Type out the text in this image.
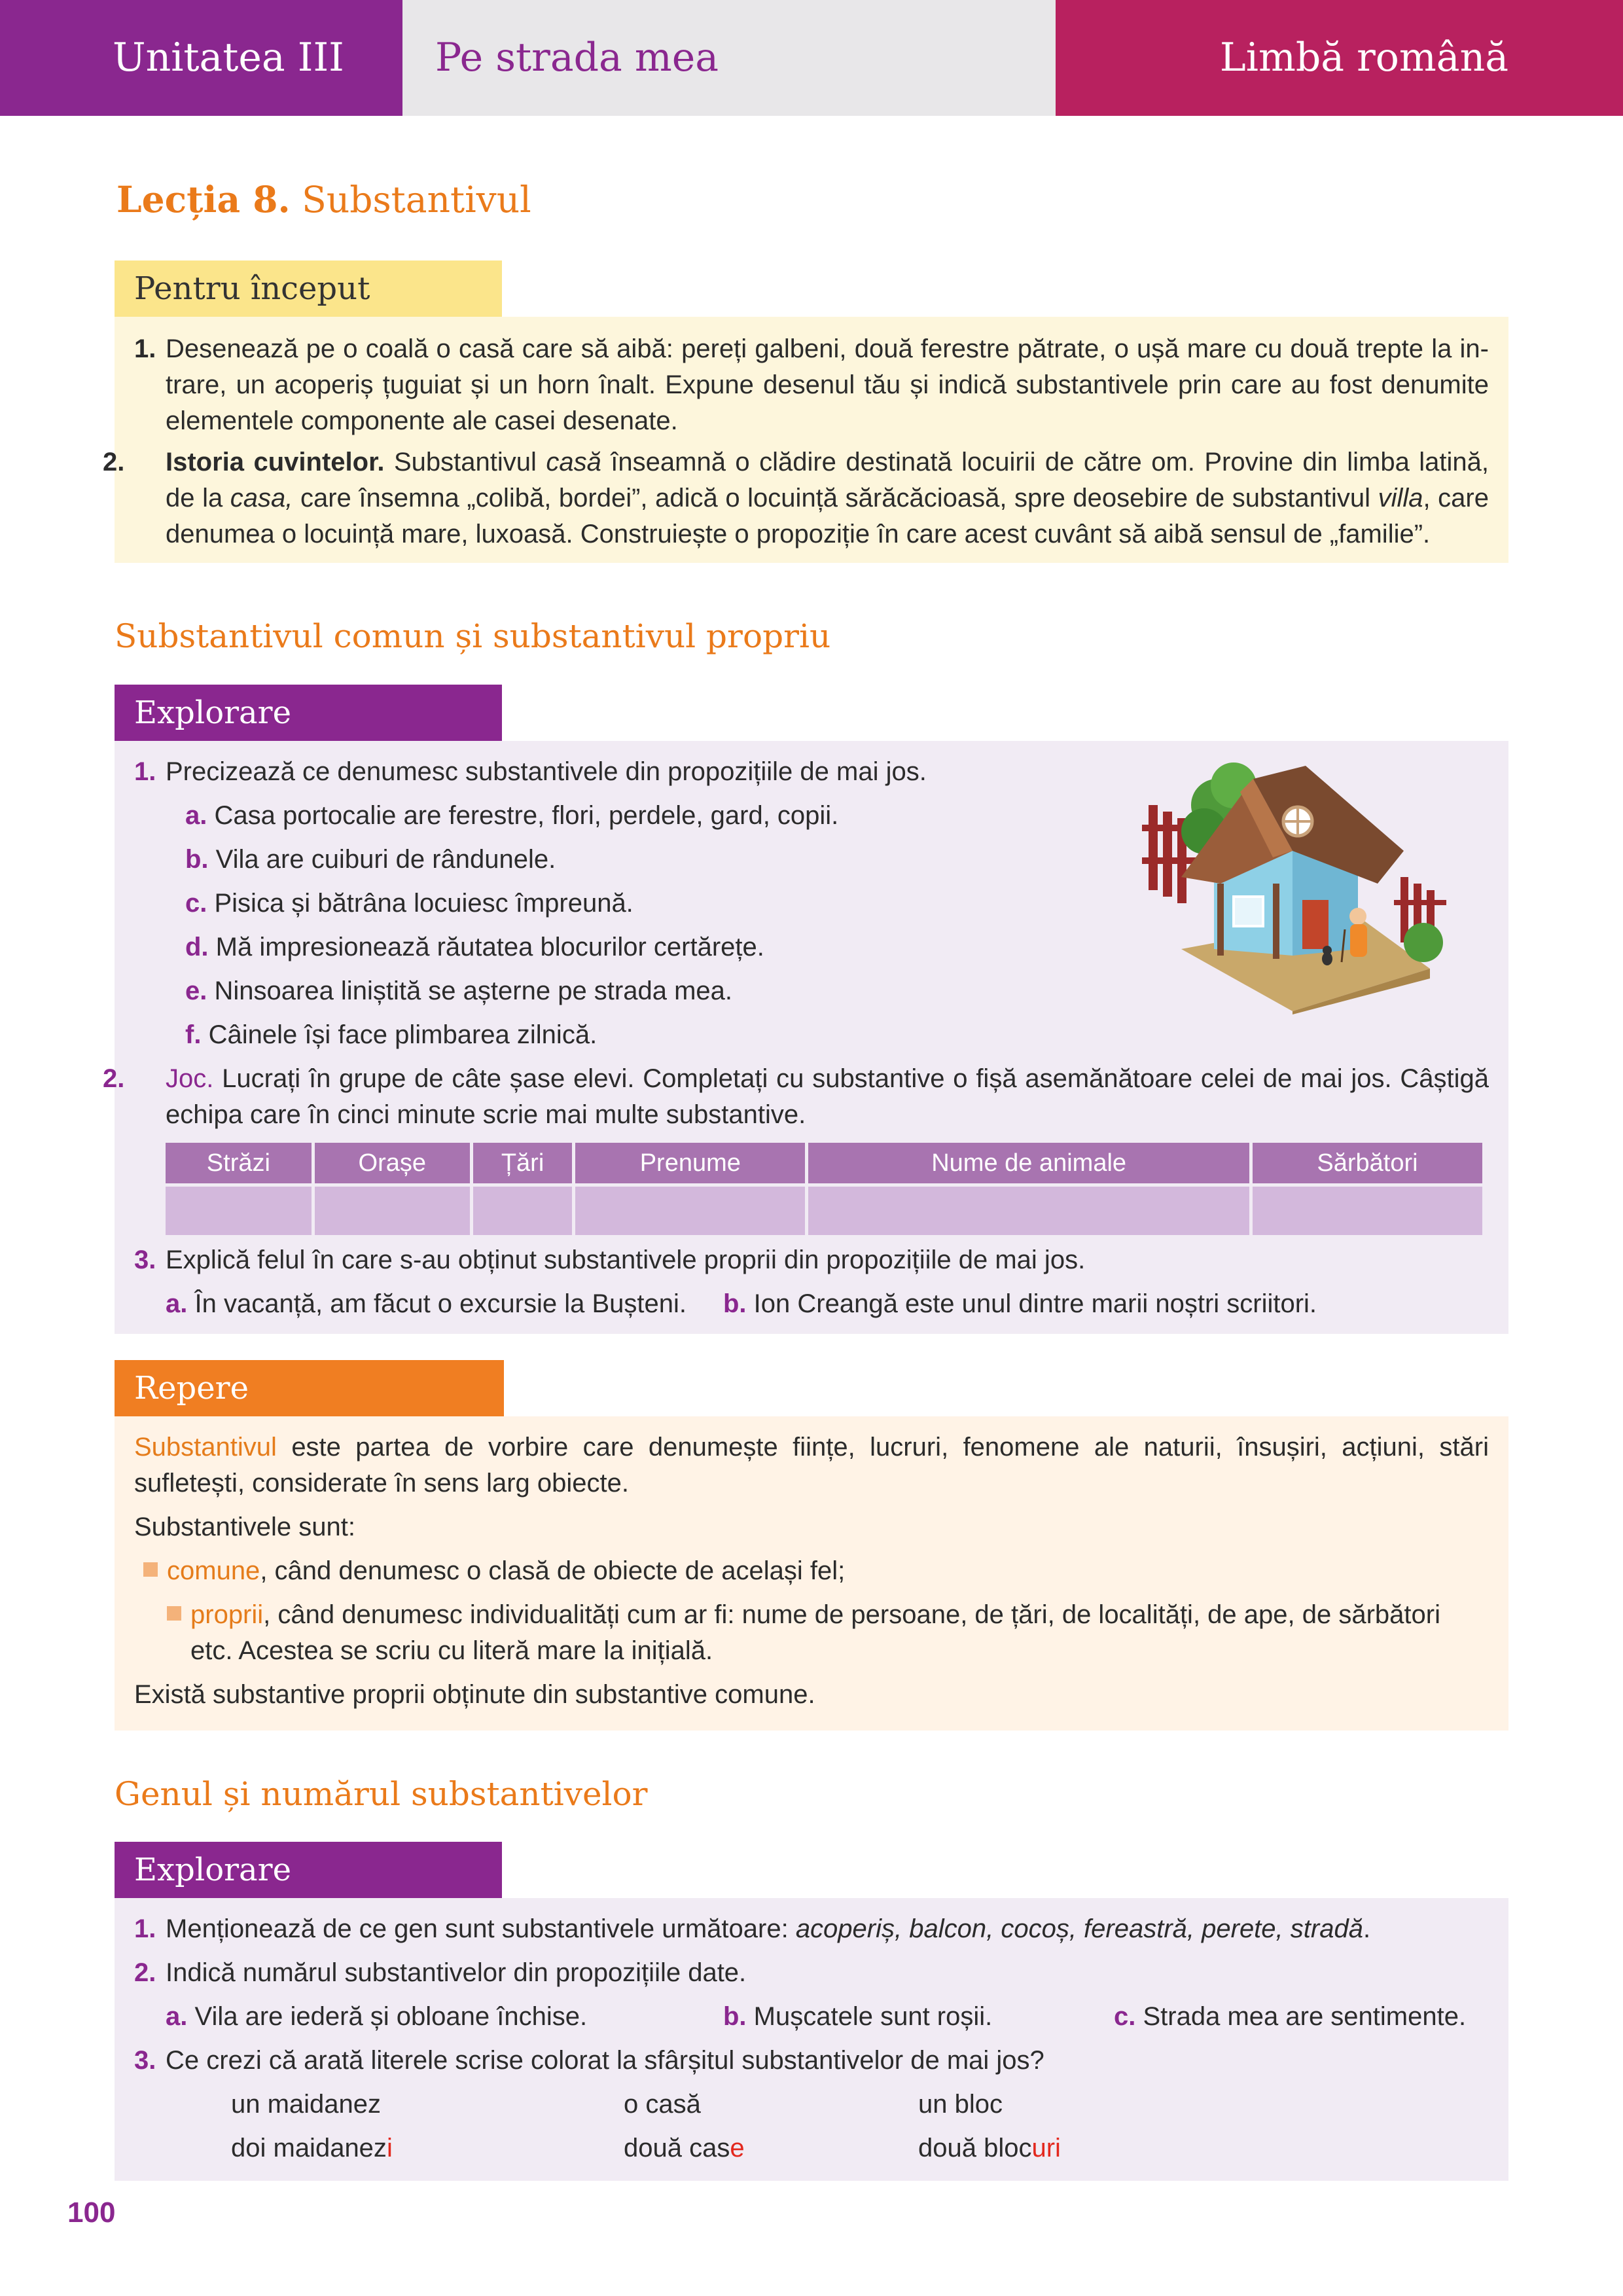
Unitatea III	Pe strada mea	Limbă română
Lecția 8. Substantivul
Pentru început
1. Desenează pe o coală o casă care să aibă: pereți galbeni, două ferestre pătrate, o ușă mare cu două trepte la in-trare, un acoperiș țuguiat și un horn înalt. Expune desenul tău și indică substantivele prin care au fost denumite elementele componente ale casei desenate.
2. Istoria cuvintelor. Substantivul casă înseamnă o clădire destinată locuirii de către om. Provine din limba latină, de la casa, care însemna „colibă, bordei”, adică o locuință sărăcăcioasă, spre deosebire de substantivul villa, care denumea o locuință mare, luxoasă. Construiește o propoziție în care acest cuvânt să aibă sensul de „familie”.
Substantivul comun și substantivul propriu
Explorare
1. Precizează ce denumesc substantivele din propozițiile de mai jos.
a. Casa portocalie are ferestre, flori, perdele, gard, copii.
b. Vila are cuiburi de rândunele.
c. Pisica și bătrâna locuiesc împreună.
d. Mă impresionează răutatea blocurilor certărețe.
e. Ninsoarea liniștită se așterne pe strada mea.
f. Câinele își face plimbarea zilnică.
2. Joc. Lucrați în grupe de câte șase elevi. Completați cu substantive o fișă asemănătoare celei de mai jos. Câștigă echipa care în cinci minute scrie mai multe substantive.
Străzi	Orașe	Țări	Prenume	Nume de animale	Sărbători

3. Explică felul în care s-au obținut substantivele proprii din propozițiile de mai jos.
a. În vacanță, am făcut o excursie la Bușteni. b. Ion Creangă este unul dintre marii noștri scriitori.
Repere
Substantivul este partea de vorbire care denumește ființe, lucruri, fenomene ale naturii, însușiri, acțiuni, stări sufletești, considerate în sens larg obiecte.
Substantivele sunt:
comune, când denumesc o clasă de obiecte de același fel;
proprii, când denumesc individualități cum ar fi: nume de persoane, de țări, de localități, de ape, de sărbători etc. Acestea se scriu cu literă mare la inițială.
Există substantive proprii obținute din substantive comune.
Genul și numărul substantivelor
Explorare
1. Menționează de ce gen sunt substantivele următoare: acoperiș, balcon, cocoș, fereastră, perete, stradă.
2. Indică numărul substantivelor din propozițiile date.
a. Vila are iederă și obloane închise.	b. Mușcatele sunt roșii.	c. Strada mea are sentimente.
3. Ce crezi că arată literele scrise colorat la sfârșitul substantivelor de mai jos?
un maidanez	o casă	un bloc
doi maidanezi	două case	două blocuri
100
